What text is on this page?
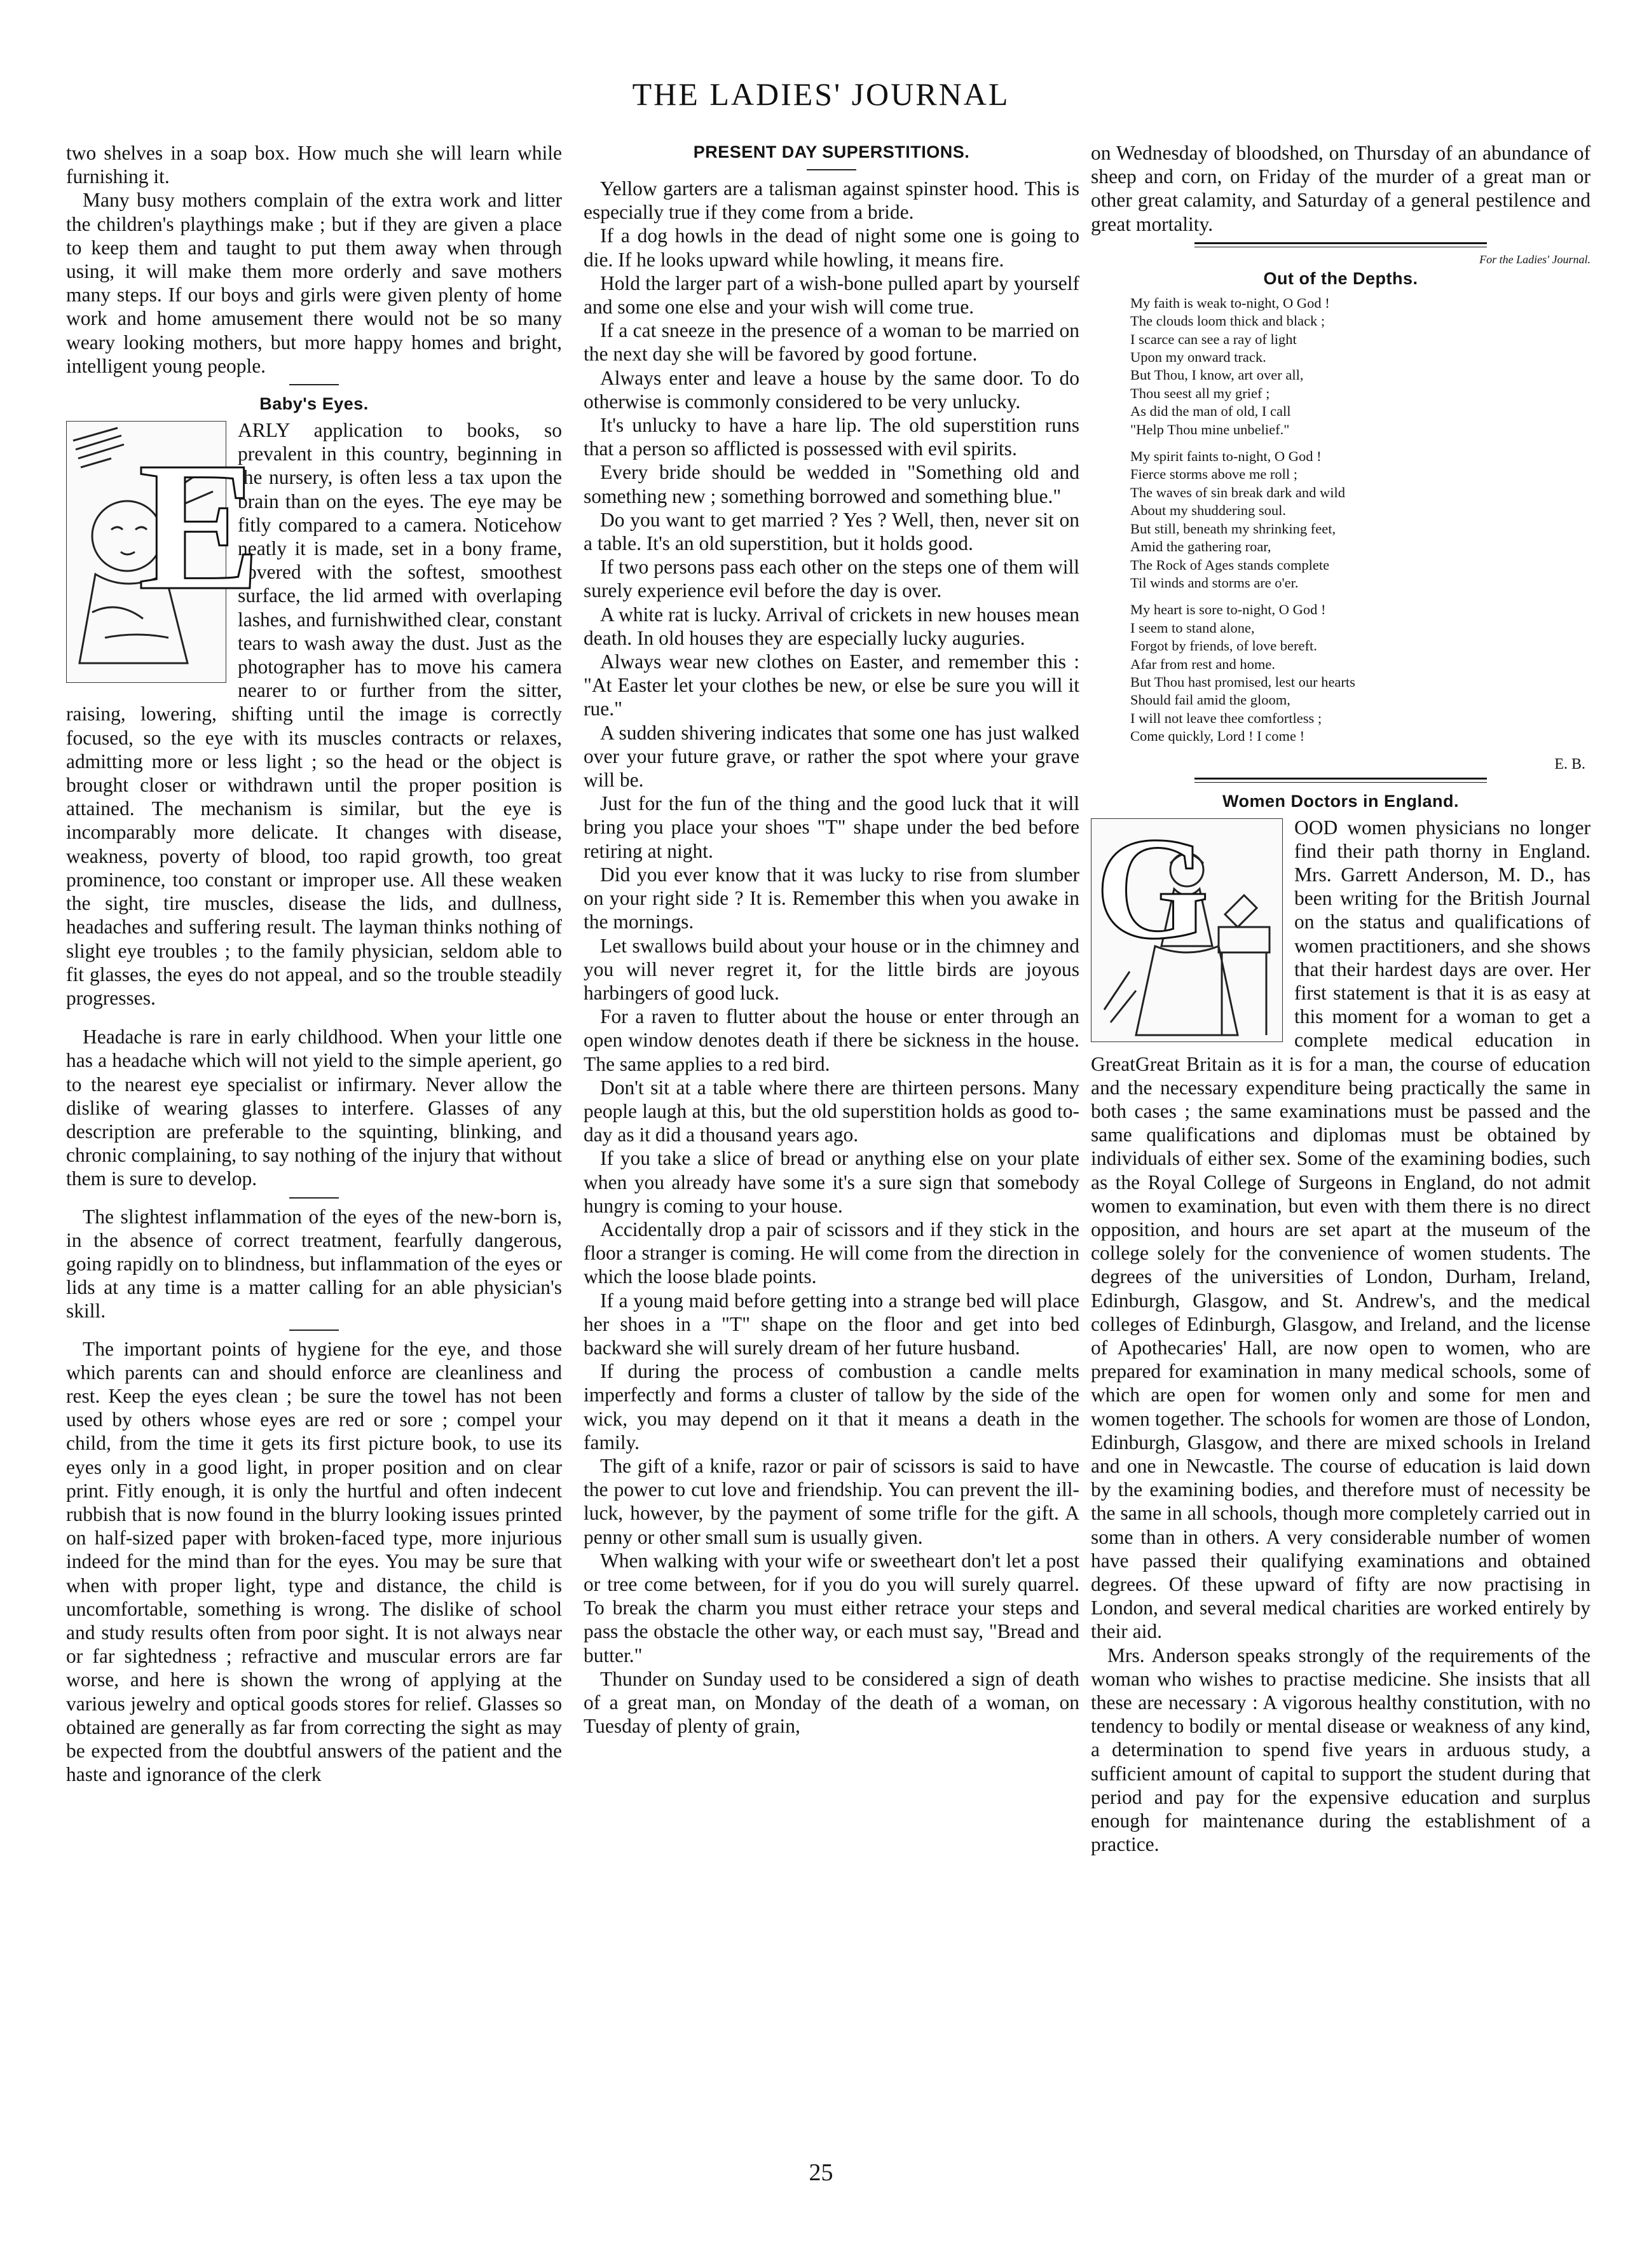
THE LADIES' JOURNAL

two shelves in a soap box. How much she will learn while furnishing it.

Many busy mothers complain of the extra work and litter the children's playthings make ; but if they are given a place to keep them and taught to put them away when through using, it will make them more orderly and save mothers many steps. If our boys and girls were given plenty of home work and home amusement there would not be so many weary looking mothers, but more happy homes and bright, intelligent young people.

Baby's Eyes.
E

ARLY application to books, so prevalent in this country, beginning in the nursery, is often less a tax upon the brain than on the eyes. The eye may be fitly compared to a camera. Noticehow neatly it is made, set in a bony frame, covered with the softest, smoothest surface, the lid armed with overlaping lashes, and furnishwithed clear, constant tears to wash away the dust. Just as the photographer has to move his camera nearer to or further from the sitter, raising, lowering, shifting until the image is correctly focused, so the eye with its muscles contracts or relaxes, admitting more or less light ; so the head or the object is brought closer or withdrawn until the proper position is attained. The mechanism is similar, but the eye is incomparably more delicate. It changes with disease, weakness, poverty of blood, too rapid growth, too great prominence, too constant or improper use. All these weaken the sight, tire muscles, disease the lids, and dullness, headaches and suffering result. The layman thinks nothing of slight eye troubles ; to the family physician, seldom able to fit glasses, the eyes do not appeal, and so the trouble steadily progresses.

Headache is rare in early childhood. When your little one has a headache which will not yield to the simple aperient, go to the nearest eye specialist or infirmary. Never allow the dislike of wearing glasses to interfere. Glasses of any description are preferable to the squinting, blinking, and chronic complaining, to say nothing of the injury that without them is sure to develop.

The slightest inflammation of the eyes of the new-born is, in the absence of correct treatment, fearfully dangerous, going rapidly on to blindness, but inflammation of the eyes or lids at any time is a matter calling for an able physician's skill.

The important points of hygiene for the eye, and those which parents can and should enforce are cleanliness and rest. Keep the eyes clean ; be sure the towel has not been used by others whose eyes are red or sore ; compel your child, from the time it gets its first picture book, to use its eyes only in a good light, in proper position and on clear print. Fitly enough, it is only the hurtful and often indecent rubbish that is now found in the blurry looking issues printed on half-sized paper with broken-faced type, more injurious indeed for the mind than for the eyes. You may be sure that when with proper light, type and distance, the child is uncomfortable, something is wrong. The dislike of school and study results often from poor sight. It is not always near or far sightedness ; refractive and muscular errors are far worse, and here is shown the wrong of applying at the various jewelry and optical goods stores for relief. Glasses so obtained are generally as far from correcting the sight as may be expected from the doubtful answers of the patient and the haste and ignorance of the clerk

PRESENT DAY SUPERSTITIONS.

Yellow garters are a talisman against spinster hood. This is especially true if they come from a bride.

If a dog howls in the dead of night some one is going to die. If he looks upward while howling, it means fire.

Hold the larger part of a wish-bone pulled apart by yourself and some one else and your wish will come true.

If a cat sneeze in the presence of a woman to be married on the next day she will be favored by good fortune.

Always enter and leave a house by the same door. To do otherwise is commonly considered to be very unlucky.

It's unlucky to have a hare lip. The old superstition runs that a person so afflicted is possessed with evil spirits.

Every bride should be wedded in "Something old and something new ; something borrowed and something blue."

Do you want to get married ? Yes ? Well, then, never sit on a table. It's an old superstition, but it holds good.

If two persons pass each other on the steps one of them will surely experience evil before the day is over.

A white rat is lucky. Arrival of crickets in new houses mean death. In old houses they are especially lucky auguries.

Always wear new clothes on Easter, and remember this : "At Easter let your clothes be new, or else be sure you will it rue."

A sudden shivering indicates that some one has just walked over your future grave, or rather the spot where your grave will be.

Just for the fun of the thing and the good luck that it will bring you place your shoes "T" shape under the bed before retiring at night.

Did you ever know that it was lucky to rise from slumber on your right side ? It is. Remember this when you awake in the mornings.

Let swallows build about your house or in the chimney and you will never regret it, for the little birds are joyous harbingers of good luck.

For a raven to flutter about the house or enter through an open window denotes death if there be sickness in the house. The same applies to a red bird.

Don't sit at a table where there are thirteen persons. Many people laugh at this, but the old superstition holds as good to-day as it did a thousand years ago.

If you take a slice of bread or anything else on your plate when you already have some it's a sure sign that somebody hungry is coming to your house.

Accidentally drop a pair of scissors and if they stick in the floor a stranger is coming. He will come from the direction in which the loose blade points.

If a young maid before getting into a strange bed will place her shoes in a "T" shape on the floor and get into bed backward she will surely dream of her future husband.

If during the process of combustion a candle melts imperfectly and forms a cluster of tallow by the side of the wick, you may depend on it that it means a death in the family.

The gift of a knife, razor or pair of scissors is said to have the power to cut love and friendship. You can prevent the ill-luck, however, by the payment of some trifle for the gift. A penny or other small sum is usually given.

When walking with your wife or sweetheart don't let a post or tree come between, for if you do you will surely quarrel. To break the charm you must either retrace your steps and pass the obstacle the other way, or each must say, "Bread and butter."

Thunder on Sunday used to be considered a sign of death of a great man, on Monday of the death of a woman, on Tuesday of plenty of grain,

on Wednesday of bloodshed, on Thursday of an abundance of sheep and corn, on Friday of the murder of a great man or other great calamity, and Saturday of a general pestilence and great mortality.

For the Ladies' Journal.
Out of the Depths.

My faith is weak to-night, O God !

The clouds loom thick and black ;

I scarce can see a ray of light

Upon my onward track.

But Thou, I know, art over all,

Thou seest all my grief ;

As did the man of old, I call

"Help Thou mine unbelief."

My spirit faints to-night, O God !

Fierce storms above me roll ;

The waves of sin break dark and wild

About my shuddering soul.

But still, beneath my shrinking feet,

Amid the gathering roar,

The Rock of Ages stands complete

Til winds and storms are o'er.

My heart is sore to-night, O God !

I seem to stand alone,

Forgot by friends, of love bereft.

Afar from rest and home.

But Thou hast promised, lest our hearts

Should fail amid the gloom,

I will not leave thee comfortless ;

Come quickly, Lord ! I come !

E. B.
Women Doctors in England.
G	OOD women physicians no longer find their path thorny in England. Mrs. Garrett Anderson, M. D., has been writing for the British Journal on the status and qualifications of women practitioners, and she shows that their hardest days are over. Her first statement is that it is as easy at this moment for a woman to get a complete medical education in GreatGreat Britain as it is for a man, the course of education and the necessary expenditure being practically the same in both cases ; the same examinations must be passed and the same qualifications and diplomas must be obtained by individuals of either sex. Some of the examining bodies, such as the Royal College of Surgeons in England, do not admit women to examination, but even with them there is no direct opposition, and hours are set apart at the museum of the college solely for the convenience of women students. The degrees of the universities of London, Durham, Ireland, Edinburgh, Glasgow, and St. Andrew's, and the medical colleges of Edinburgh, Glasgow, and Ireland, and the license of Apothecaries' Hall, are now open to women, who are prepared for examination in many medical schools, some of which are open for women only and some for men and women together. The schools for women are those of London, Edinburgh, Glasgow, and there are mixed schools in Ireland and one in Newcastle. The course of education is laid down by the examining bodies, and therefore must of necessity be the same in all schools, though more completely carried out in some than in others. A very considerable number of women have passed their qualifying examinations and obtained degrees. Of these upward of fifty are now practising in London, and several medical charities are worked entirely by their aid.

Mrs. Anderson speaks strongly of the requirements of the woman who wishes to practise medicine. She insists that all these are necessary : A vigorous healthy constitution, with no tendency to bodily or mental disease or weakness of any kind, a determination to spend five years in arduous study, a sufficient amount of capital to support the student during that period and pay for the expensive education and surplus enough for maintenance during the establishment of a practice.

25
